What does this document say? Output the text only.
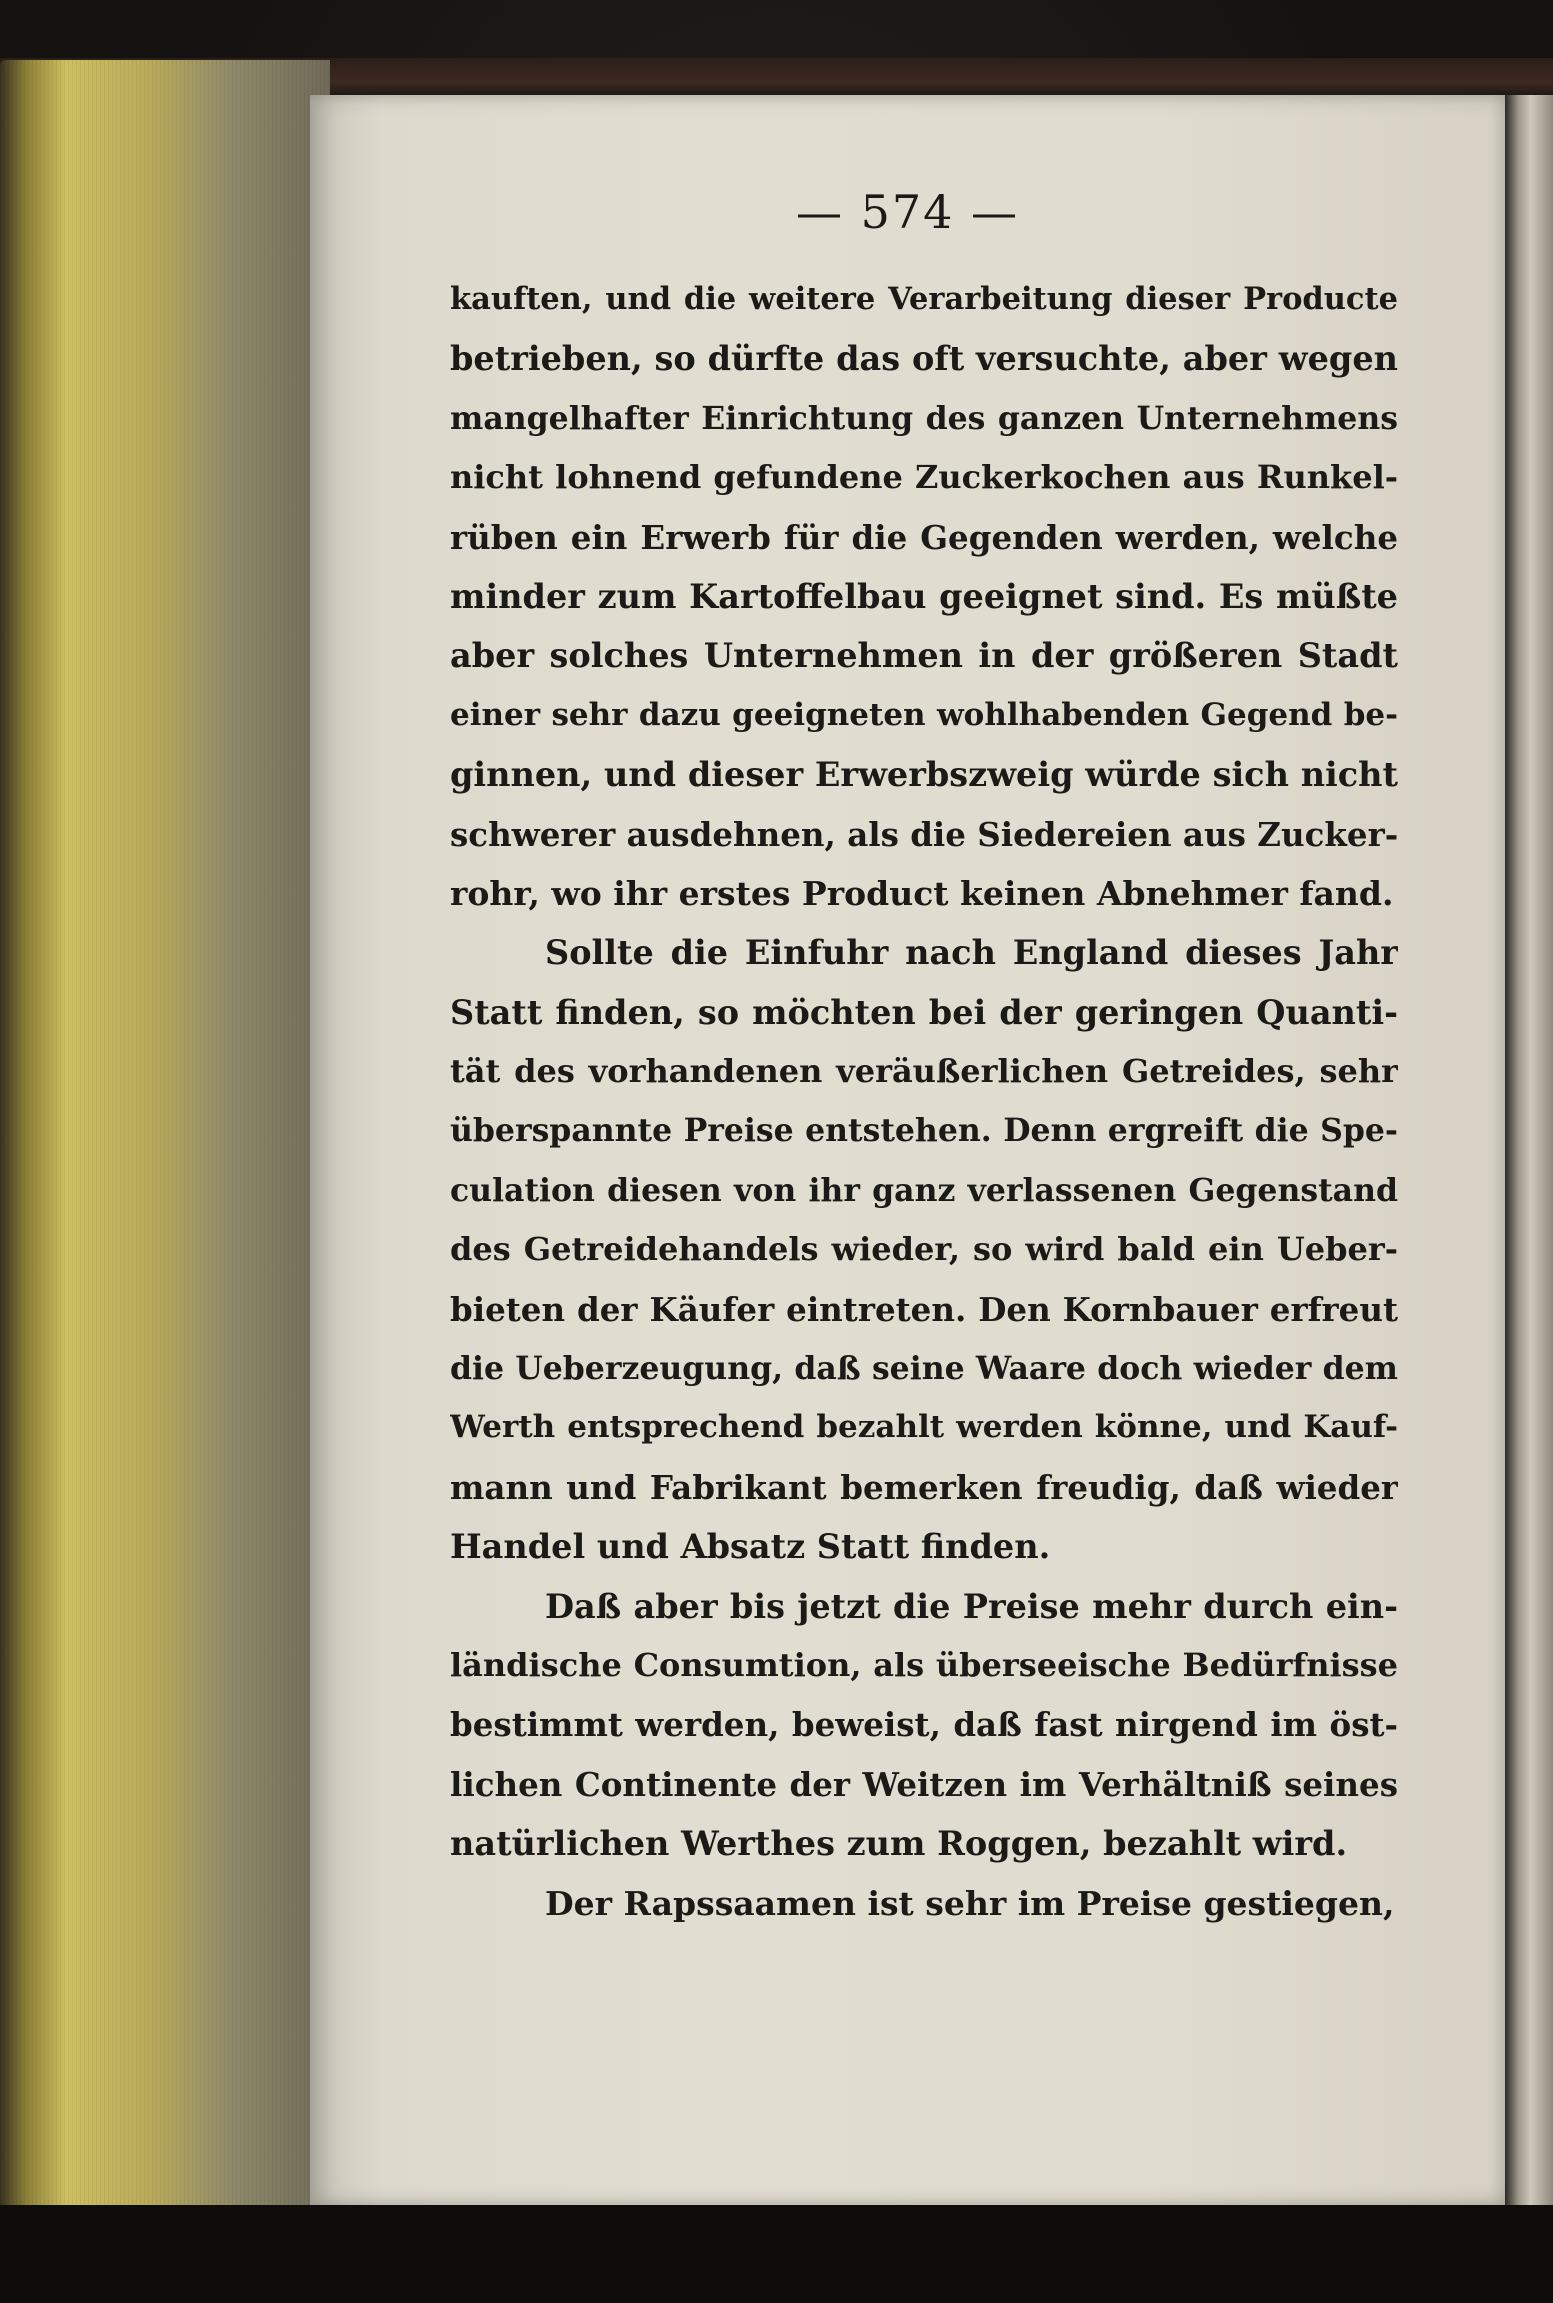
— 574 —
kauften, und die weitere Verarbeitung dieser Producte
betrieben, so dürfte das oft versuchte, aber wegen
mangelhafter Einrichtung des ganzen Unternehmens
nicht lohnend gefundene Zuckerkochen aus Runkel-
rüben ein Erwerb für die Gegenden werden, welche
minder zum Kartoffelbau geeignet sind. Es müßte
aber solches Unternehmen in der größeren Stadt
einer sehr dazu geeigneten wohlhabenden Gegend be-
ginnen, und dieser Erwerbszweig würde sich nicht
schwerer ausdehnen, als die Siedereien aus Zucker-
rohr, wo ihr erstes Product keinen Abnehmer fand.
Sollte die Einfuhr nach England dieses Jahr
Statt finden, so möchten bei der geringen Quanti-
tät des vorhandenen veräußerlichen Getreides, sehr
überspannte Preise entstehen. Denn ergreift die Spe-
culation diesen von ihr ganz verlassenen Gegenstand
des Getreidehandels wieder, so wird bald ein Ueber-
bieten der Käufer eintreten. Den Kornbauer erfreut
die Ueberzeugung, daß seine Waare doch wieder dem
Werth entsprechend bezahlt werden könne, und Kauf-
mann und Fabrikant bemerken freudig, daß wieder
Handel und Absatz Statt finden.
Daß aber bis jetzt die Preise mehr durch ein-
ländische Consumtion, als überseeische Bedürfnisse
bestimmt werden, beweist, daß fast nirgend im öst-
lichen Continente der Weitzen im Verhältniß seines
natürlichen Werthes zum Roggen, bezahlt wird.
Der Rapssaamen ist sehr im Preise gestiegen,
